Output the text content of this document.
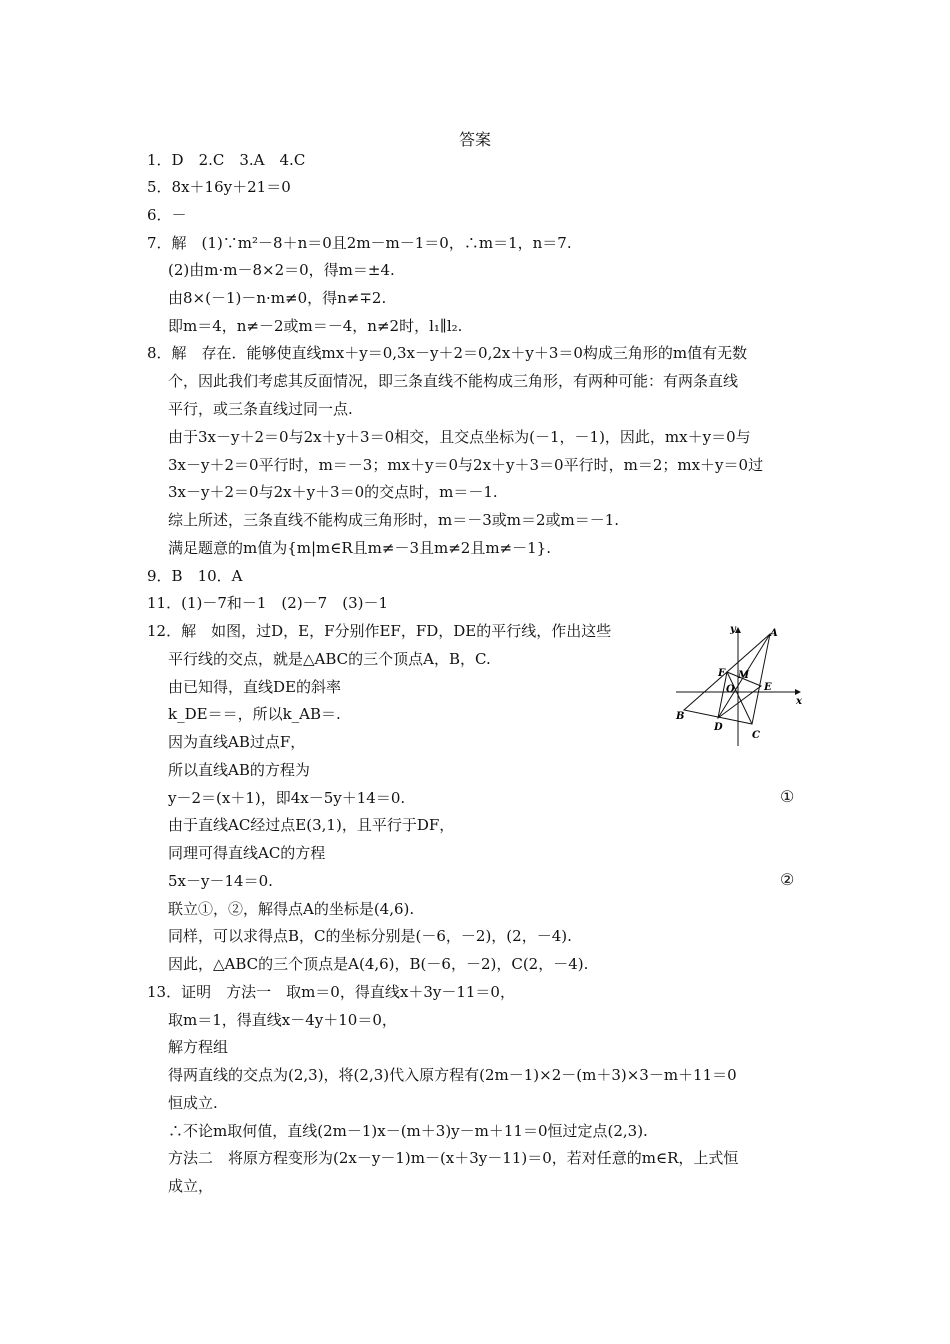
答案
1．D　2.C　3.A　4.C
5．8x＋16y＋21＝0
6．－
7．解　(1)∵m²－8＋n＝0且2m－m－1＝0，∴m＝1，n＝7.
(2)由m·m－8×2＝0，得m＝±4.
由8×(－1)－n·m≠0，得n≠∓2.
即m＝4，n≠－2或m＝－4，n≠2时，l₁∥l₂.
8．解　存在．能够使直线mx＋y＝0,3x－y＋2＝0,2x＋y＋3＝0构成三角形的m值有无数
个，因此我们考虑其反面情况，即三条直线不能构成三角形，有两种可能：有两条直线
平行，或三条直线过同一点.
由于3x－y＋2＝0与2x＋y＋3＝0相交，且交点坐标为(－1，－1)，因此，mx＋y＝0与
3x－y＋2＝0平行时，m＝－3；mx＋y＝0与2x＋y＋3＝0平行时，m＝2；mx＋y＝0过
3x－y＋2＝0与2x＋y＋3＝0的交点时，m＝－1.
综上所述，三条直线不能构成三角形时，m＝－3或m＝2或m＝－1.
满足题意的m值为{m|m∈R且m≠－3且m≠2且m≠－1}.
9．B　10．A
11．(1)－7和－1　(2)－7　(3)－1
12．解　如图，过D，E，F分别作EF，FD，DE的平行线，作出这些
平行线的交点，就是△ABC的三个顶点A，B，C.
由已知得，直线DE的斜率
k_DE＝＝，所以k_AB＝.
因为直线AB过点F，
所以直线AB的方程为
y－2＝(x＋1)，即4x－5y＋14＝0.
由于直线AC经过点E(3,1)，且平行于DF，
同理可得直线AC的方程
5x－y－14＝0.
联立①，②，解得点A的坐标是(4,6).
同样，可以求得点B，C的坐标分别是(－6，－2)，(2，－4).
因此，△ABC的三个顶点是A(4,6)，B(－6，－2)，C(2，－4).
13．证明　方法一　取m＝0，得直线x＋3y－11＝0，
取m＝1，得直线x－4y＋10＝0，
解方程组
得两直线的交点为(2,3)，将(2,3)代入原方程有(2m－1)×2－(m＋3)×3－m＋11＝0
恒成立.
∴不论m取何值，直线(2m－1)x－(m＋3)y－m＋11＝0恒过定点(2,3).
方法二　将原方程变形为(2x－y－1)m－(x＋3y－11)＝0，若对任意的m∈R，上式恒
成立，
①
②
y
x
A
B
C
D
E
F M
O
